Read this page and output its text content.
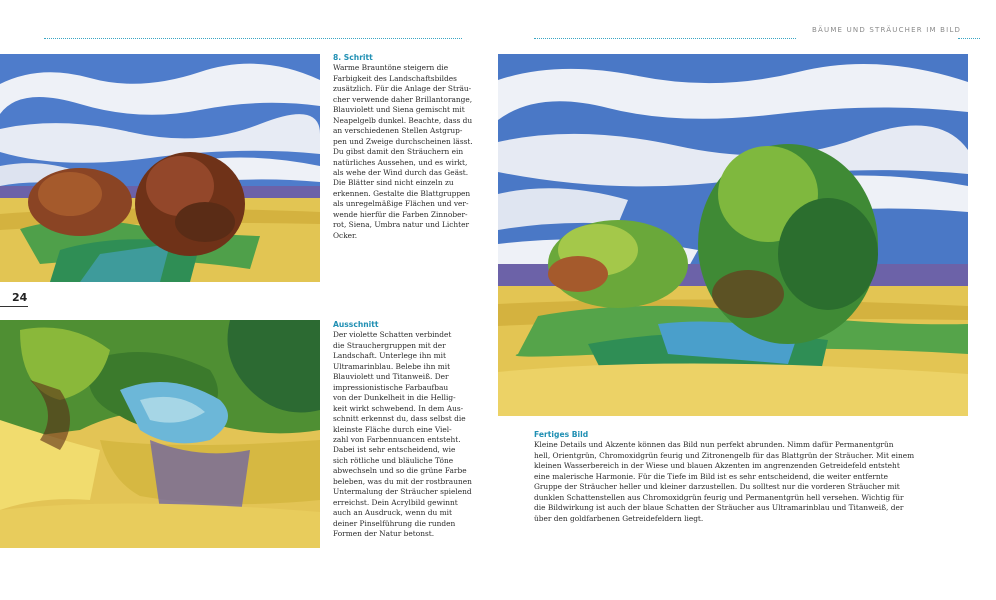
BÄUME UND STRÄUCHER IM BILD
24
8. Schritt

Warme Brauntöne steigern die
Farbigkeit des Landschaftsbildes
zusätzlich. Für die Anlage der Sträu-
cher verwende daher Brillantorange,
Blauviolett und Siena gemischt mit
Neapelgelb dunkel. Beachte, dass du
an verschiedenen Stellen Astgrup-
pen und Zweige durchscheinen lässt.
Du gibst damit den Sträuchern ein
natürliches Aussehen, und es wirkt,
als wehe der Wind durch das Geäst.
Die Blätter sind nicht einzeln zu
erkennen. Gestalte die Blattgruppen
als unregelmäßige Flächen und ver-
wende hierfür die Farben Zinnober-
rot, Siena, Umbra natur und Lichter
Ocker.

Ausschnitt

Der violette Schatten verbindet
die Strauchergruppen mit der
Landschaft. Unterlege ihn mit
Ultramarinblau. Belebe ihn mit
Blauviolett und Titanweiß. Der
impressionistische Farbaufbau
von der Dunkelheit in die Hellig-
keit wirkt schwebend. In dem Aus-
schnitt erkennst du, dass selbst die
kleinste Fläche durch eine Viel-
zahl von Farbennuancen entsteht.
Dabei ist sehr entscheidend, wie
sich rötliche und bläuliche Töne
abwechseln und so die grüne Farbe
beleben, was du mit der rostbraunen
Untermalung der Sträucher spielend
erreichst. Dein Acrylbild gewinnt
auch an Ausdruck, wenn du mit
deiner Pinselführung die runden
Formen der Natur betonst.

Fertiges Bild

Kleine Details und Akzente können das Bild nun perfekt abrunden. Nimm dafür Permanentgrün
hell, Orientgrün, Chromoxidgrün feurig und Zitronengelb für das Blattgrün der Sträucher. Mit einem
kleinen Wasserbereich in der Wiese und blauen Akzenten im angrenzenden Getreidefeld entsteht
eine malerische Harmonie. Für die Tiefe im Bild ist es sehr entscheidend, die weiter entfernte
Gruppe der Sträucher heller und kleiner darzustellen. Du solltest nur die vorderen Sträucher mit
dunklen Schattenstellen aus Chromoxidgrün feurig und Permanentgrün hell versehen. Wichtig für
die Bildwirkung ist auch der blaue Schatten der Sträucher aus Ultramarinblau und Titanweiß, der
über den goldfarbenen Getreidefeldern liegt.
